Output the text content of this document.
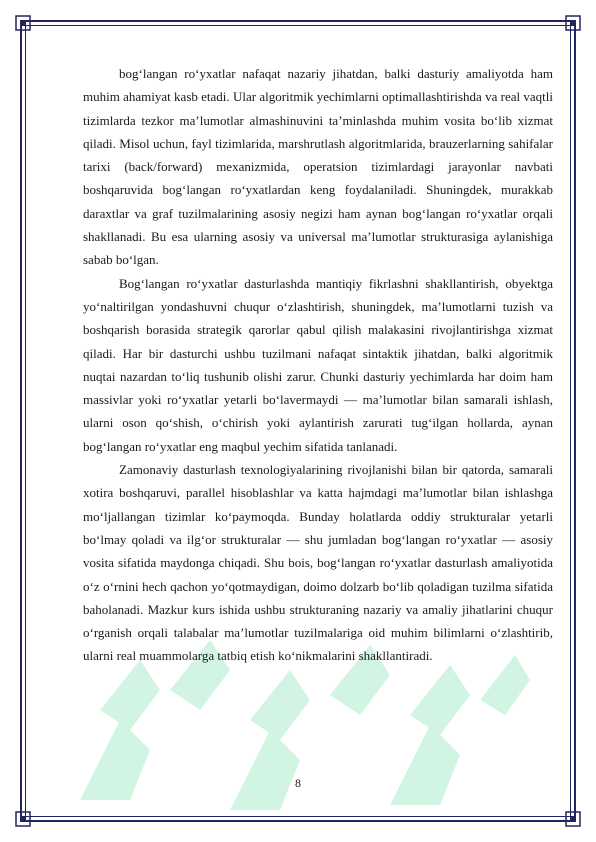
bog‘langan ro‘yxatlar nafaqat nazariy jihatdan, balki dasturiy amaliyotda ham muhim ahamiyat kasb etadi. Ular algoritmik yechimlarni optimallashtirishda va real vaqtli tizimlarda tezkor ma’lumotlar almashinuvini ta’minlashda muhim vosita bo‘lib xizmat qiladi. Misol uchun, fayl tizimlarida, marshrutlash algoritmlarida, brauzerlarning sahifalar tarixi (back/forward) mexanizmida, operatsion tizimlardagi jarayonlar navbati boshqaruvida bog‘langan ro‘yxatlardan keng foydalaniladi. Shuningdek, murakkab daraxtlar va graf tuzilmalarining asosiy negizi ham aynan bog‘langan ro‘yxatlar orqali shakllanadi. Bu esa ularning asosiy va universal ma’lumotlar strukturasiga aylanishiga sabab bo‘lgan.

Bog‘langan ro‘yxatlar dasturlashda mantiqiy fikrlashni shakllantirish, obyektga yo‘naltirilgan yondashuvni chuqur o‘zlashtirish, shuningdek, ma’lumotlarni tuzish va boshqarish borasida strategik qarorlar qabul qilish malakasini rivojlantirishga xizmat qiladi. Har bir dasturchi ushbu tuzilmani nafaqat sintaktik jihatdan, balki algoritmik nuqtai nazardan to‘liq tushunib olishi zarur. Chunki dasturiy yechimlarda har doim ham massivlar yoki ro‘yxatlar yetarli bo‘lavermaydi — ma’lumotlar bilan samarali ishlash, ularni oson qo‘shish, o‘chirish yoki aylantirish zarurati tug‘ilgan hollarda, aynan bog‘langan ro‘yxatlar eng maqbul yechim sifatida tanlanadi.

Zamonaviy dasturlash texnologiyalarining rivojlanishi bilan bir qatorda, samarali xotira boshqaruvi, parallel hisoblashlar va katta hajmdagi ma’lumotlar bilan ishlashga mo‘ljallangan tizimlar ko‘paymoqda. Bunday holatlarda oddiy strukturalar yetarli bo‘lmay qoladi va ilg‘or strukturalar — shu jumladan bog‘langan ro‘yxatlar — asosiy vosita sifatida maydonga chiqadi. Shu bois, bog‘langan ro‘yxatlar dasturlash amaliyotida o‘z o‘rnini hech qachon yo‘qotmaydigan, doimo dolzarb bo‘lib qoladigan tuzilma sifatida baholanadi. Mazkur kurs ishida ushbu strukturaning nazariy va amaliy jihatlarini chuqur o‘rganish orqali talabalar ma’lumotlar tuzilmalariga oid muhim bilimlarni o‘zlashtirib, ularni real muammolarga tatbiq etish ko‘nikmalarini shakllantiradi.

8
